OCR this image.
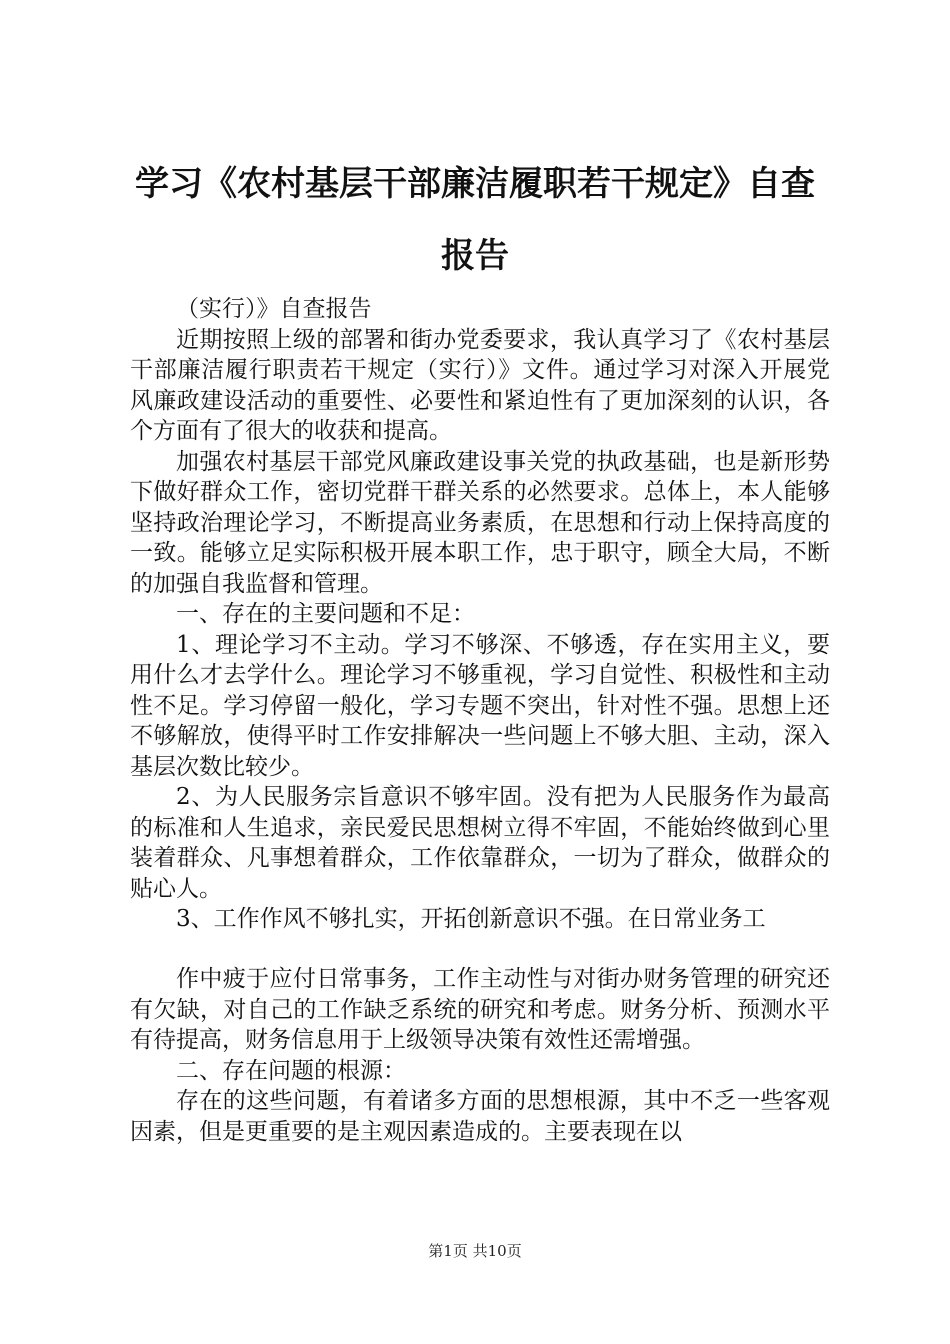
学习《农村基层干部廉洁履职若干规定》自查
报告

（实行）》自查报告

近期按照上级的部署和街办党委要求，我认真学习了《农村基层干部廉洁履行职责若干规定（实行）》文件。通过学习对深入开展党风廉政建设活动的重要性、必要性和紧迫性有了更加深刻的认识，各个方面有了很大的收获和提高。

加强农村基层干部党风廉政建设事关党的执政基础，也是新形势下做好群众工作，密切党群干群关系的必然要求。总体上，本人能够坚持政治理论学习，不断提高业务素质，在思想和行动上保持高度的一致。能够立足实际积极开展本职工作，忠于职守，顾全大局，不断的加强自我监督和管理。

一、存在的主要问题和不足：

1、理论学习不主动。学习不够深、不够透，存在实用主义，要用什么才去学什么。理论学习不够重视，学习自觉性、积极性和主动性不足。学习停留一般化，学习专题不突出，针对性不强。思想上还不够解放，使得平时工作安排解决一些问题上不够大胆、主动，深入基层次数比较少。

2、为人民服务宗旨意识不够牢固。没有把为人民服务作为最高的标准和人生追求，亲民爱民思想树立得不牢固，不能始终做到心里装着群众、凡事想着群众，工作依靠群众，一切为了群众，做群众的贴心人。

3、工作作风不够扎实，开拓创新意识不强。在日常业务工

作中疲于应付日常事务，工作主动性与对街办财务管理的研究还有欠缺，对自己的工作缺乏系统的研究和考虑。财务分析、预测水平有待提高，财务信息用于上级领导决策有效性还需增强。

二、存在问题的根源：

存在的这些问题，有着诸多方面的思想根源，其中不乏一些客观因素，但是更重要的是主观因素造成的。主要表现在以

第1页 共10页
